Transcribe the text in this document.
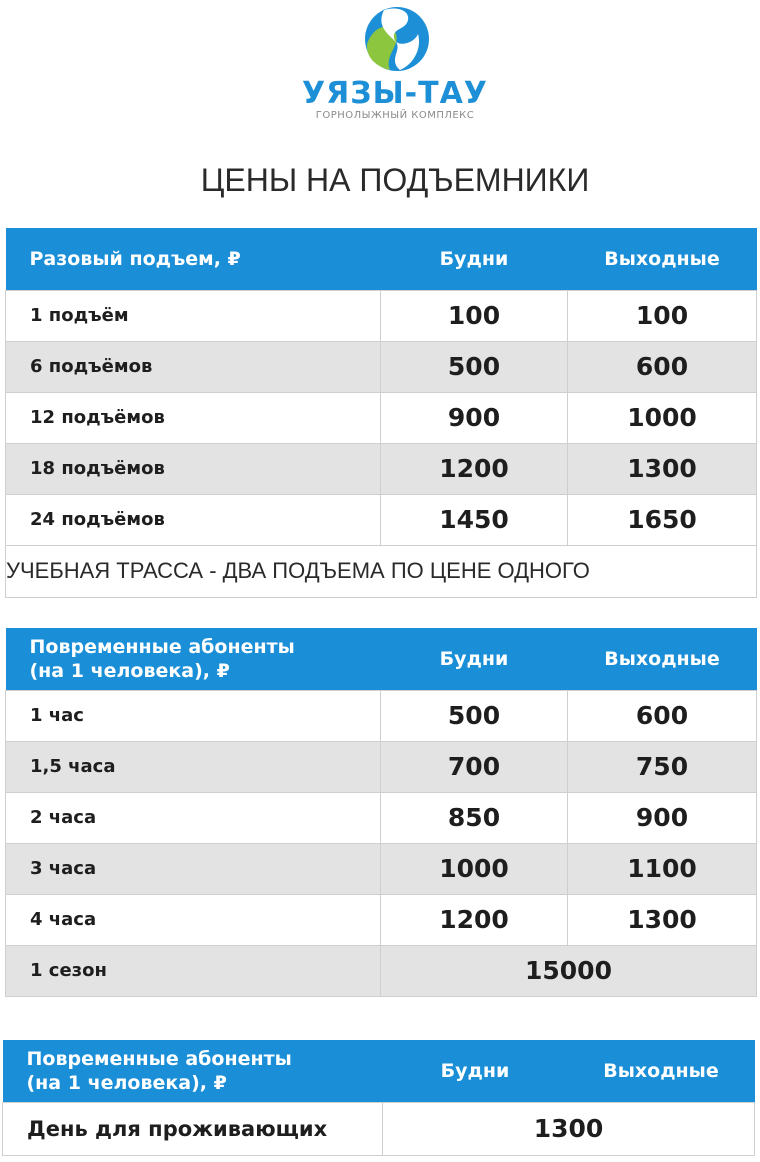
УЯЗЫ-ТАУ
ГОРНОЛЫЖНЫЙ КОМПЛЕКС
ЦЕНЫ НА ПОДЪЕМНИКИ
Разовый подъем, ₽	Будни	Выходные
1 подъём	100	100
6 подъёмов	500	600
12 подъёмов	900	1000
18 подъёмов	1200	1300
24 подъёмов	1450	1650
УЧЕБНАЯ ТРАССА - ДВА ПОДЪЕМА ПО ЦЕНЕ ОДНОГО		
Повременные абоненты
(на 1 человека), ₽	Будни	Выходные
1 час	500	600
1,5 часа	700	750
2 часа	850	900
3 часа	1000	1100
4 часа	1200	1300
1 сезон	15000	
Повременные абоненты
(на 1 человека), ₽	Будни	Выходные
День для проживающих	1300	
